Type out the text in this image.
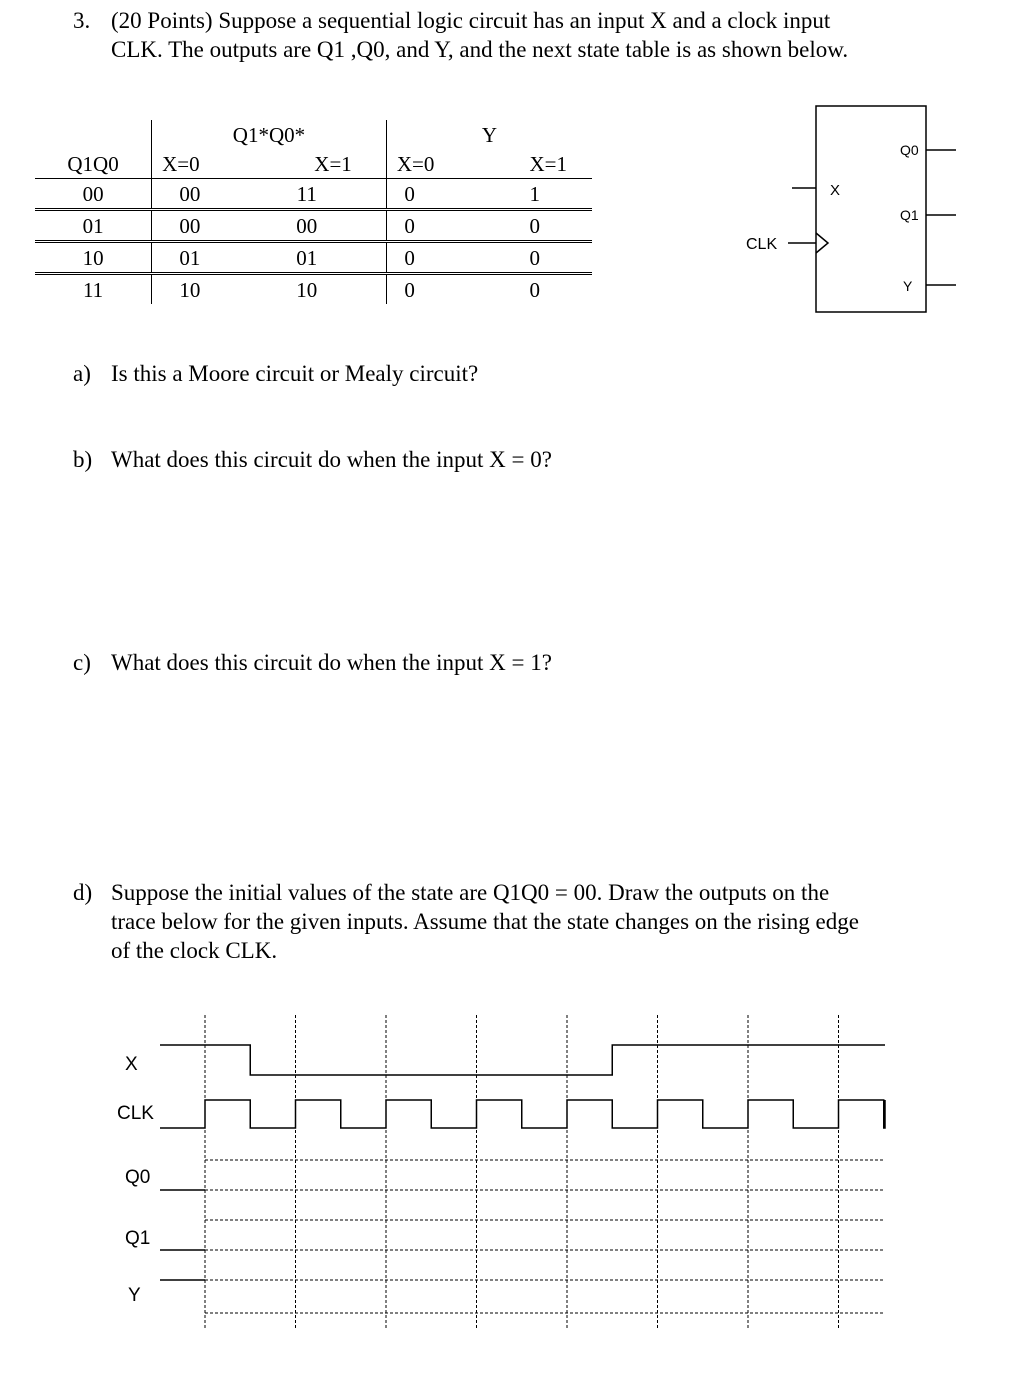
3. (20 Points) Suppose a sequential logic circuit has an input X and a clock input
CLK. The outputs are Q1 ,Q0, and Y, and the next state table is as shown below.
	Q1*Q0*		Y	
Q1Q0	X=0	X=1	X=0	X=1
00	00	11	0	1
01	00	00	0	0
10	01	01	0	0
11	10	10	0	0
X
CLK
Q0
Q1
Y
a) Is this a Moore circuit or Mealy circuit?
b) What does this circuit do when the input X = 0?
c) What does this circuit do when the input X = 1?
d) Suppose the initial values of the state are Q1Q0 = 00. Draw the outputs on the
trace below for the given inputs. Assume that the state changes on the rising edge
of the clock CLK.
X
CLK
Q0
Q1
Y
